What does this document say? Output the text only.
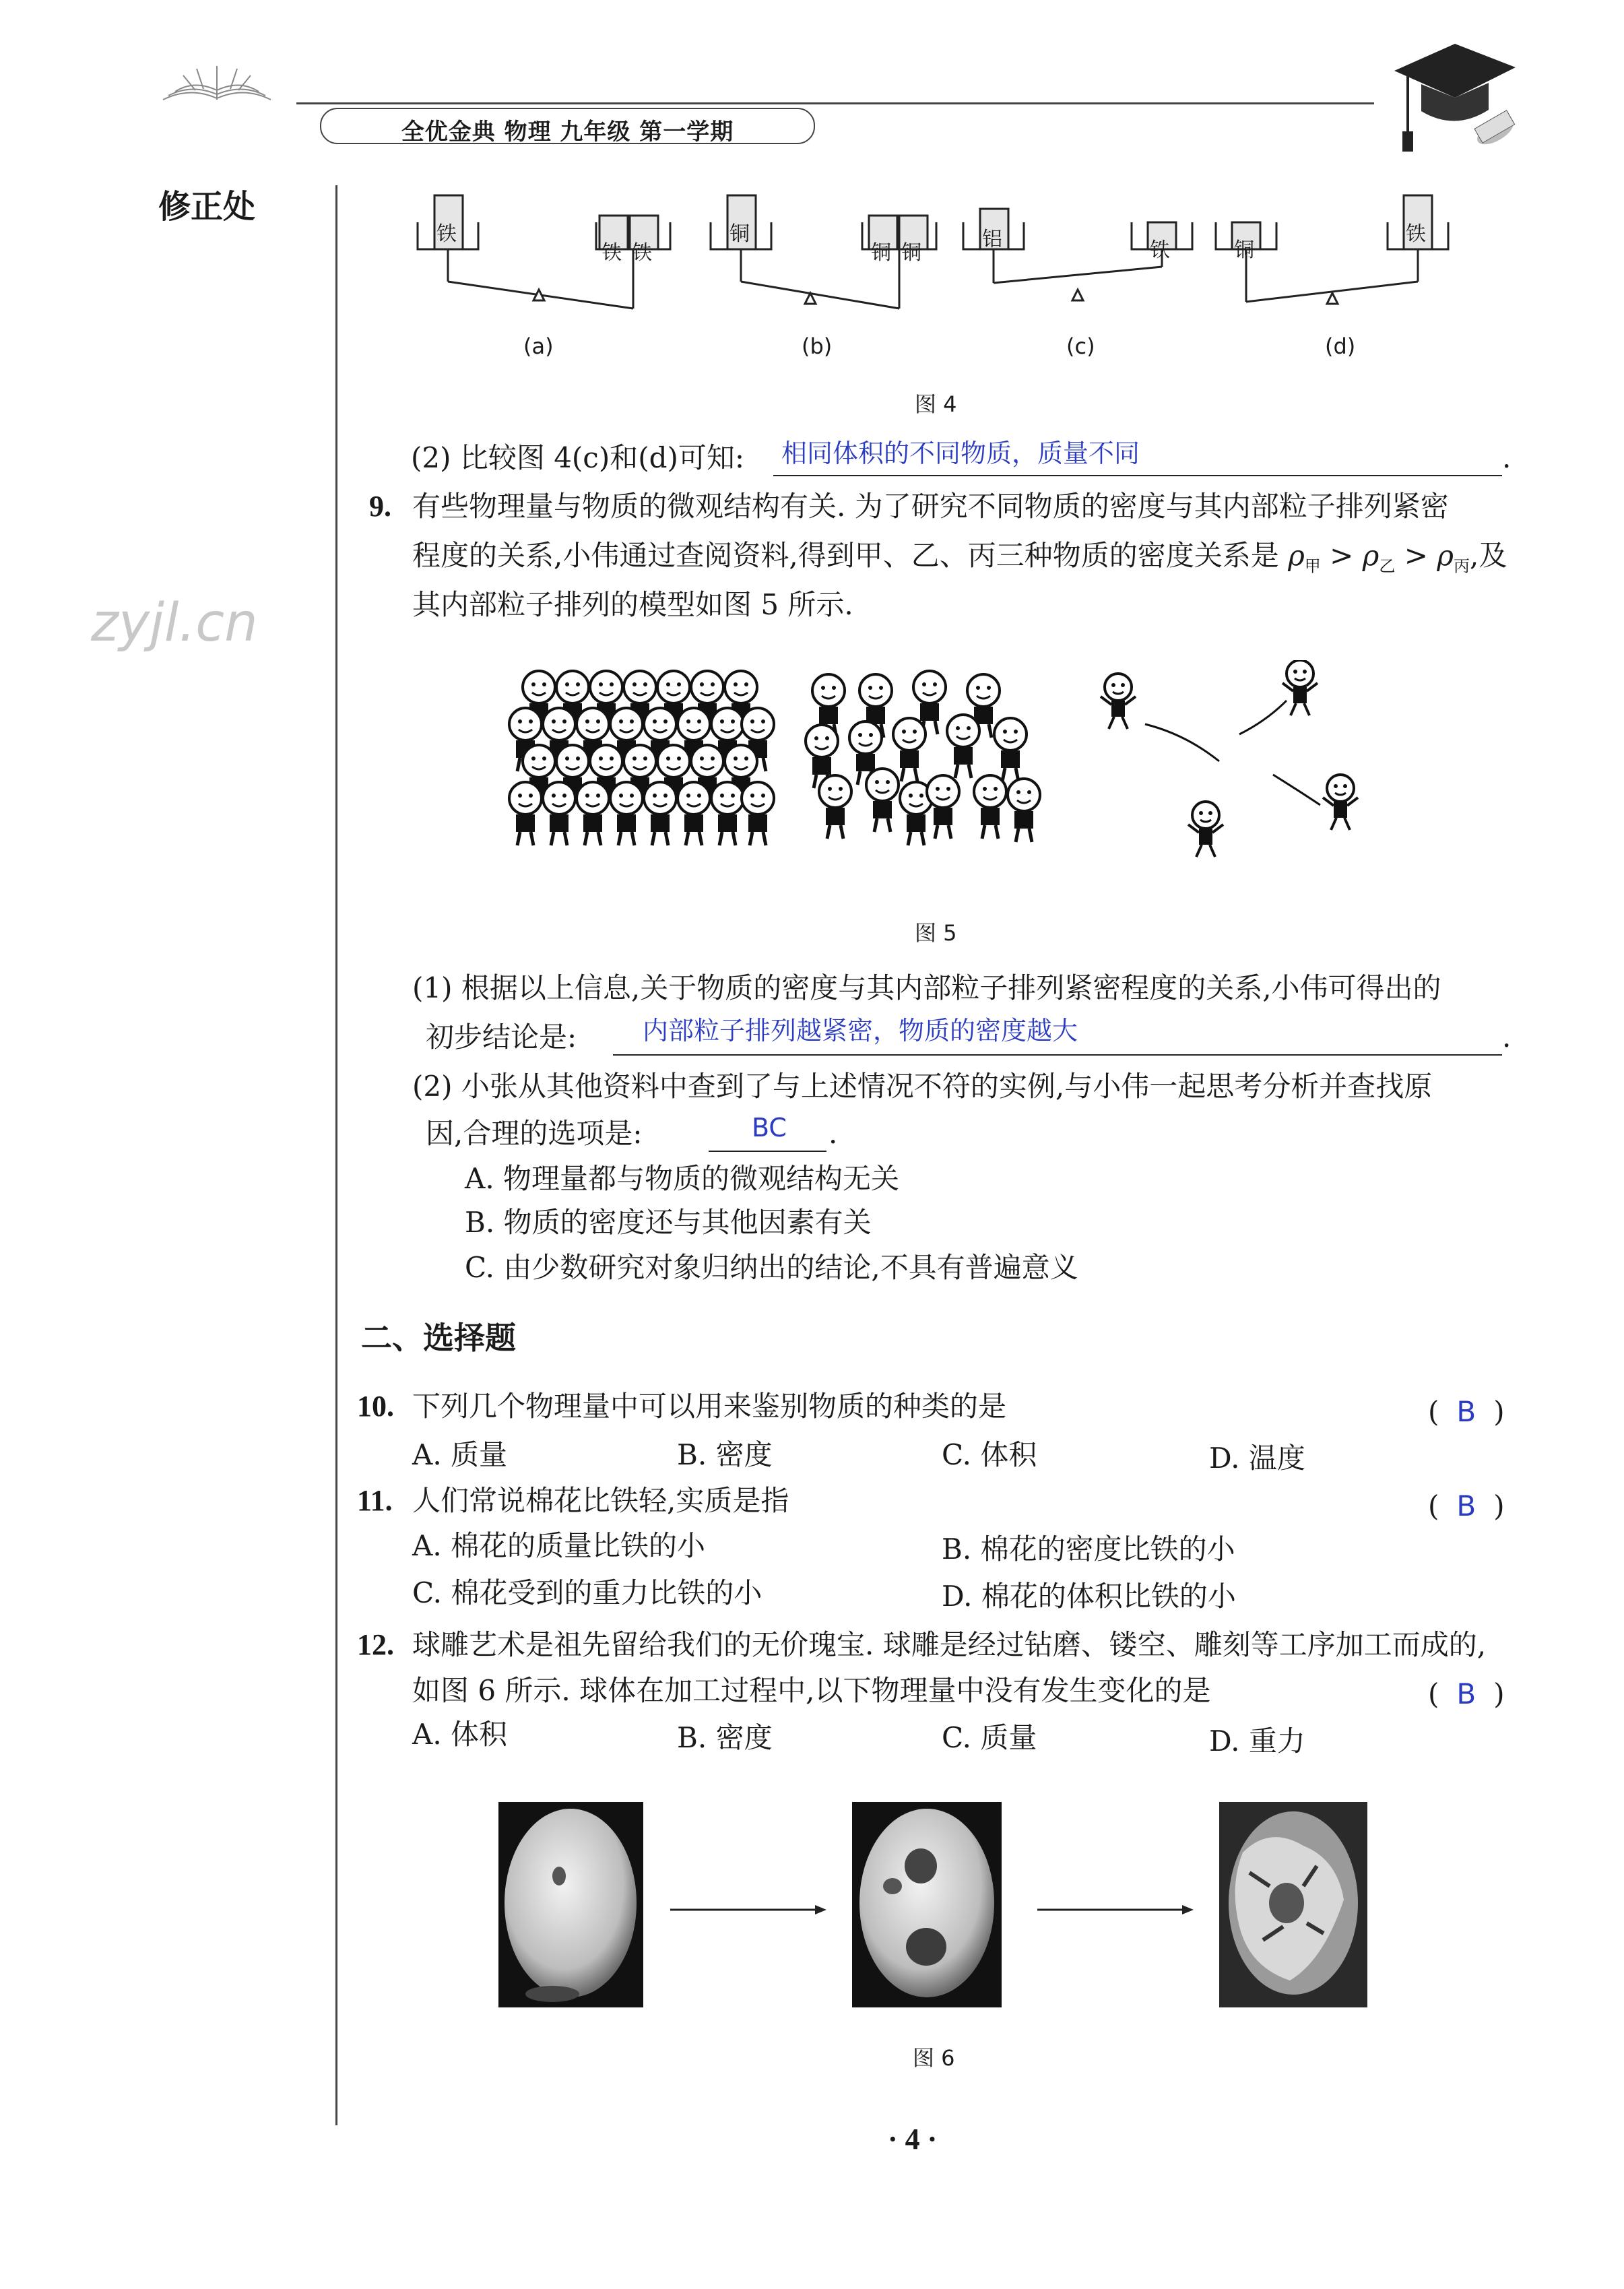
全优金典 物理 九年级 第一学期
修正处
zyjl.cn
铁
铁 铁
铜
铜 铜
铝	铁	铜
铁
(a)	(b)	(c)	(d)
图 4
(2) 比较图 4(c)和(d)可知: 相同体积的不同物质，质量不同	.
9. 有些物理量与物质的微观结构有关. 为了研究不同物质的密度与其内部粒子排列紧密
程度的关系,小伟通过查阅资料,得到甲、乙、丙三种物质的密度关系是 $\rho_甲 > \rho_乙 > \rho_丙$,及
其内部粒子排列的模型如图 5 所示.
图 5
(1) 根据以上信息,关于物质的密度与其内部粒子排列紧密程度的关系,小伟可得出的
初步结论是:	内部粒子排列越紧密，物质的密度越大	.
(2) 小张从其他资料中查到了与上述情况不符的实例,与小伟一起思考分析并查找原
因,合理的选项是:	BC .
A. 物理量都与物质的微观结构无关
B. 物质的密度还与其他因素有关
C. 由少数研究对象归纳出的结论,不具有普遍意义
二、选择题
10. 下列几个物理量中可以用来鉴别物质的种类的是	( B )
A. 质量	B. 密度	C. 体积	D. 温度
11. 人们常说棉花比铁轻,实质是指	( B )
A. 棉花的质量比铁的小	B. 棉花的密度比铁的小
C. 棉花受到的重力比铁的小	D. 棉花的体积比铁的小
12. 球雕艺术是祖先留给我们的无价瑰宝. 球雕是经过钻磨、镂空、雕刻等工序加工而成的,
如图 6 所示. 球体在加工过程中,以下物理量中没有发生变化的是	( B )
A. 体积	B. 密度	C. 质量	D. 重力
图 6
· 4 ·
